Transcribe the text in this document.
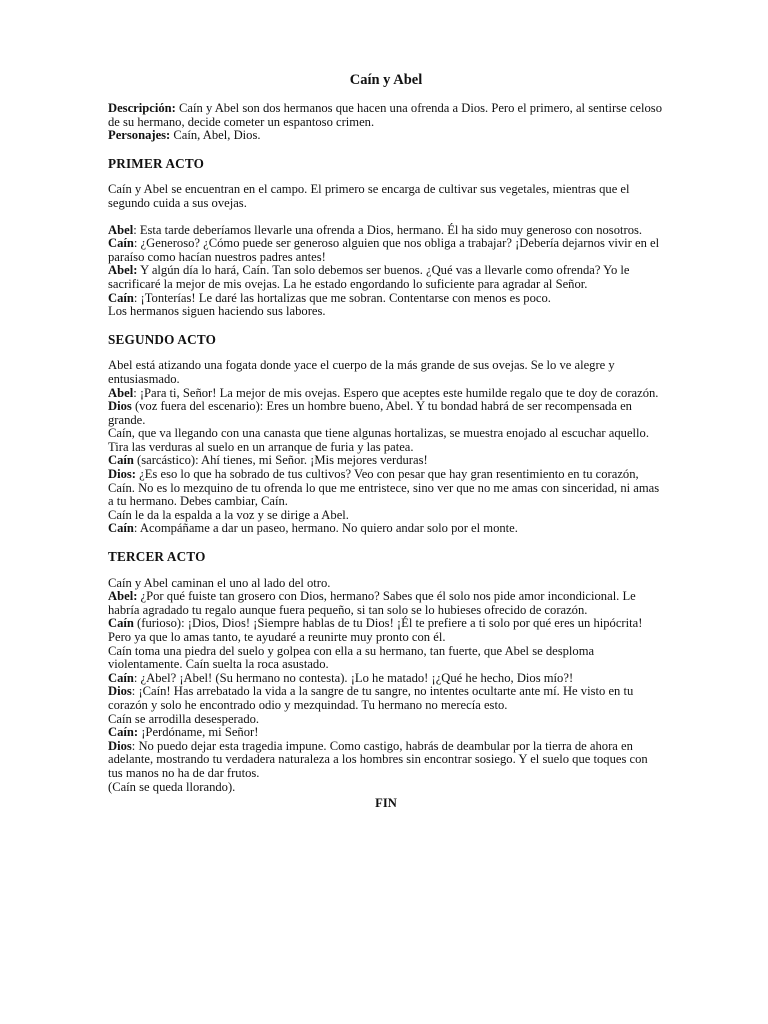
Caín y Abel

Descripción: Caín y Abel son dos hermanos que hacen una ofrenda a Dios. Pero el primero, al sentirse celoso de su hermano, decide cometer un espantoso crimen.

Personajes: Caín, Abel, Dios.

PRIMER ACTO

Caín y Abel se encuentran en el campo. El primero se encarga de cultivar sus vegetales, mientras que el segundo cuida a sus ovejas.

Abel: Esta tarde deberíamos llevarle una ofrenda a Dios, hermano. Él ha sido muy generoso con nosotros.

Caín: ¿Generoso? ¿Cómo puede ser generoso alguien que nos obliga a trabajar? ¡Debería dejarnos vivir en el paraíso como hacían nuestros padres antes!

Abel: Y algún día lo hará, Caín. Tan solo debemos ser buenos. ¿Qué vas a llevarle como ofrenda? Yo le sacrificaré la mejor de mis ovejas. La he estado engordando lo suficiente para agradar al Señor.

Caín: ¡Tonterías! Le daré las hortalizas que me sobran. Contentarse con menos es poco.

Los hermanos siguen haciendo sus labores.

SEGUNDO ACTO

Abel está atizando una fogata donde yace el cuerpo de la más grande de sus ovejas. Se lo ve alegre y entusiasmado.

Abel: ¡Para ti, Señor! La mejor de mis ovejas. Espero que aceptes este humilde regalo que te doy de corazón.

Dios (voz fuera del escenario): Eres un hombre bueno, Abel. Y tu bondad habrá de ser recompensada en grande.

Caín, que va llegando con una canasta que tiene algunas hortalizas, se muestra enojado al escuchar aquello. Tira las verduras al suelo en un arranque de furia y las patea.

Caín (sarcástico): Ahí tienes, mi Señor. ¡Mis mejores verduras!

Dios: ¿Es eso lo que ha sobrado de tus cultivos? Veo con pesar que hay gran resentimiento en tu corazón, Caín. No es lo mezquino de tu ofrenda lo que me entristece, sino ver que no me amas con sinceridad, ni amas a tu hermano. Debes cambiar, Caín.

Caín le da la espalda a la voz y se dirige a Abel.

Caín: Acompáñame a dar un paseo, hermano. No quiero andar solo por el monte.

TERCER ACTO

Caín y Abel caminan el uno al lado del otro.

Abel: ¿Por qué fuiste tan grosero con Dios, hermano? Sabes que él solo nos pide amor incondicional. Le habría agradado tu regalo aunque fuera pequeño, si tan solo se lo hubieses ofrecido de corazón.

Caín (furioso): ¡Dios, Dios! ¡Siempre hablas de tu Dios! ¡Él te prefiere a ti solo por qué eres un hipócrita! Pero ya que lo amas tanto, te ayudaré a reunirte muy pronto con él.

Caín toma una piedra del suelo y golpea con ella a su hermano, tan fuerte, que Abel se desploma violentamente. Caín suelta la roca asustado.

Caín: ¿Abel? ¡Abel! (Su hermano no contesta). ¡Lo he matado! ¡¿Qué he hecho, Dios mío?!

Dios: ¡Caín! Has arrebatado la vida a la sangre de tu sangre, no intentes ocultarte ante mí. He visto en tu corazón y solo he encontrado odio y mezquindad. Tu hermano no merecía esto.

Caín se arrodilla desesperado.

Caín: ¡Perdóname, mi Señor!

Dios: No puedo dejar esta tragedia impune. Como castigo, habrás de deambular por la tierra de ahora en adelante, mostrando tu verdadera naturaleza a los hombres sin encontrar sosiego. Y el suelo que toques con tus manos no ha de dar frutos.

(Caín se queda llorando).

FIN
